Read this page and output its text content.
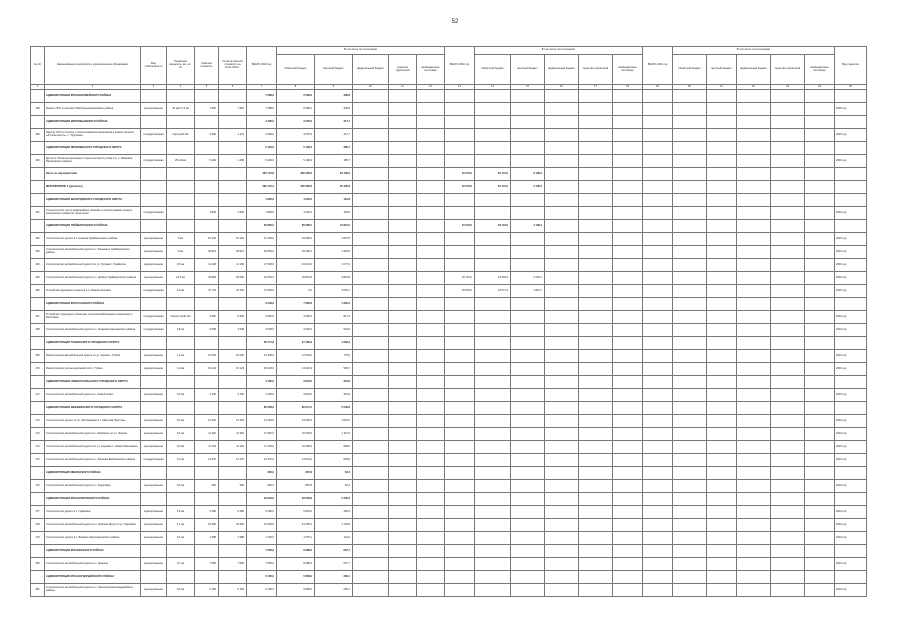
52
№ п/п	Наименование мероприятия, муниципальное образование	Вид собственности	Проектная мощность, км, шт., м²	Сметная стоимость	Остаток сметной стоимости на 01.01.2019 г.	ВСЕГО 2019 год	В том числе по источникам:					ВСЕГО 2020 год	В том числе по источникам:					ВСЕГО 2021 год	В том числе по источникам:					Вид покрытия
							областной бюджет	местный бюджет	федеральный бюджет	средства территорий	внебюджетные источники		областной бюджет	местный бюджет	федеральный бюджет	средства территорий	внебюджетные источники		областной бюджет	местный бюджет	федеральный бюджет	средства территорий	внебюджетные источники	
1	2	3	4	5	6	7	8	9	10	11	12	13	14	15	16	17	18	19	20	21	22	23	24	25
	АДМИНИСТРАЦИЯ КРАСНОАРМЕЙСКОГО РАЙОНА					7 988,0	6 589,2	398,8																
158	Ремонт ПОС в поселке СОШ Красноармейского района	муниципальная	45 км/ч 5,3 км	7 590	7 587	7 988,0	6 589,2	398,8																2018 год
	АДМИНИСТРАЦИЯ ВЕРХОВЬЕВСКОГО РАЙОНА					3 396,0	3 078,3	317,7																
159	Закупку ПОС в поселке с использованием материалов в рамках проекта «Лучшее место», с. Трубчевка	государственная	обустройство	3 450	1 431	3 396,0	3 078,3	317,7																2019 год
	АДМИНИСТРАЦИЯ ЯКОВЛЕВСКОГО ГОРОДСКОГО ОКРУГА					5 494,0	5 108,3	385,7																
160	Доступ к объектам жилищного строительства по улице 3 а, с. Ивановка Яковлевского района	государственная	25 м/с/км	5 494	1 496	5 494,0	5 108,3	385,7																2019 год
	Всего по мероприятиям					287 713,8	265 305,6	22 408,2				52 273,0	52 141,6	2 108,4										
	МЕРОПРИЯТИЕ 2 (развитие)					282 173,4	256 382,6	25 490,8				52 273,0	52 141,6	2 108,4										
	АДМИНИСТРАЦИЯ БЕЛОРОДСКОГО ГОРОДСКОГО ОКРУГА					1 828,0	1 646,2	181,8																
161	Строительство улиц в микрорайоне «Новый» и сетей в рамках проекта комплексного развития территории	государственная		1 828	1 828	1 828,0	1 646,2	181,8																2019 год
	АДМИНИСТРАЦИЯ ГРАЙВОРОНСКОГО РАЙОНА					96 860,2	85 968,7	10 891,5				52 273,0	48 134,6	4 138,4										
162	Строительство дороги в с. Козинка Грайворонского района	муниципальная	5 км	15 194	15 194	21 166,0	19 608,2	1 557,8																2019 год
163	Строительство автомобильной дороги в с. Безымено Грайворонского района	муниципальная	9 км	28 913	28 913	30 854,0	29 490,4	1 363,6																2019 год
164	Строительство автомобильной дороги по ул. Луговая г. Грайворон	муниципальная	2,5 км	11 190	11 190	17 093,6	16 016,0	1 077,6																2019 год
165	Строительство автомобильной дороги в с. Доброе Грайворонского района	муниципальная	22,5 км	32 889	30 090	24 653,6	20 851,8	3 801,8				25 710,0	23 463,3	2 246,7										2020 год
166	Устройство дорожного покрытия в с. Мокрая Орловка	государственная	6,9 км	47 733	44 130	11 093,0	0,0	3 091,7				26 563,0	24 671,3	1 891,7										2020 год
	АДМИНИСТРАЦИЯ КОРОЧАНСКОГО РАЙОНА					9 348,0	7 985,8	1 362,2																
167	Устройство подъездов к объектам сельскохозяйственного назначения с. Бехтеевка	государственная	благоустройство	5 800	5 800	5 800,0	4 982,6	817,4																2019 год
168	Строительство автомобильной дороги в с. Кощеево Корочанского района	государственная	3,8 км	9 958	3 548	3 548,0	3 003,2	544,8																2019 год
	АДМИНИСТРАЦИЯ ГУБКИНСКОГО ГОРОДСКОГО ОКРУГА					28 771,6	27 489,3	1 282,3																
169	Реконструкция автомобильной дороги по ул. Кирова г. Губкин	муниципальная	1,2 км	10 000	10 000	13 338,6	12 563,0	775,6																2019 год
170	Реконструкция улично-дорожной сети г. Губкин	муниципальная	1,0 км	15 123	15 123	15 433,0	14 926,3	506,7																2019 год
	АДМИНИСТРАЦИЯ НОВООСКОЛЬСКОГО ГОРОДСКОГО ОКРУГА					4 160,0	3 843,2	316,8																
171	Строительство автомобильной дороги в г. Новый Оскол	муниципальная	0,5 км	4 160	4 160	4 160,0	3 843,2	316,8																2019 год
	АДМИНИСТРАЦИЯ ШЕБЕКИНСКОГО ГОРОДСКОГО ОКРУГА					85 608,0	80 071,2	5 536,8																
172	Строительство дороги по ул. Молодежная в с. Маслова Пристань	муниципальная	0,2 км	14 163	14 163	14 163,0	13 099,0	1 064,0																2019 год
173	Строительство автомобильной дороги в г. Шебекино по ул. Ленина	муниципальная	0,6 км	11 362	11 362	17 662,0	16 549,5	1 112,5																2019 год
174	Строительство автомобильной дороги по ул. Садовая с. Новая Таволжанка	муниципальная	0,9 км	11 193	11 193	11 193,0	10 365,0	828,0																2019 год
175	Строительство автомобильной дороги в с. Белянка Шебекинского района	государственная	3,3 км	14 370	14 370	14 370,0	13 541,2	828,8																2019 год
	АДМИНИСТРАЦИЯ ИВНЯНСКОГО РАЙОНА					950,0	887,8	62,2																
176	Строительство автомобильной дороги в с. Курасовка	муниципальная	0,5 км	950	950	950,0	887,8	62,2																2019 год
	АДМИНИСТРАЦИЯ КРАСНОЯРУЖСКОГО РАЙОНА					30 994,0	28 663,8	2 330,2																
177	Строительство дороги в с. Графовка	муниципальная	3,5 км	6 280	6 280	6 280,0	5 823,5	456,5																2019 год
178	Строительство автомобильной дороги в п. Красная Яруга по ул. Парковая	муниципальная	1,1 км	22 996	22 996	22 996,0	21 265,2	1 730,8																2019 год
179	Строительство дороги в с. Вязовое Краснояружского района	муниципальная	0,6 км	1 988	1 988	1 718,0	1 575,1	142,9																2019 год
	АДМИНИСТРАЦИЯ КРАСНЕНСКОГО РАЙОНА					7 596,0	6 988,3	607,7																
180	Строительство автомобильной дороги в с. Красное	муниципальная	0,7 км	7 596	7 596	7 596,0	6 988,3	607,7																2019 год
	АДМИНИСТРАЦИЯ КРАСНОГВАРДЕЙСКОГО РАЙОНА					6 165,0	5 868,9	296,1																
181	Строительство автомобильной дороги в с. Засосна Красногвардейского района	муниципальная	0,5 км	6 165	6 165	6 165,0	5 868,9	296,1																2019 год
